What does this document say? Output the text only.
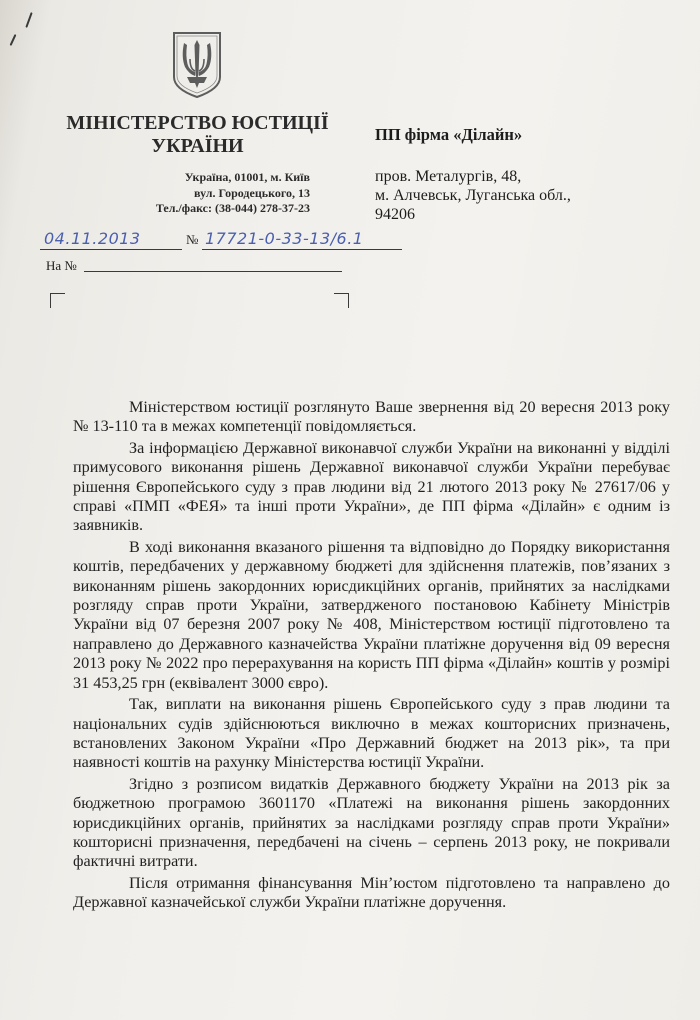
МІНІСТЕРСТВО ЮСТИЦІЇ
УКРАЇНИ
Україна, 01001, м. Київ
вул. Городецького, 13
Тел./факс: (38-044) 278-37-23
ПП фірма «Ділайн»
пров. Металургів, 48,
м. Алчевськ, Луганська обл.,
94206
04.11.2013	№ 17721-0-33-13/6.1
На №

Міністерством юстиції розглянуто Ваше звернення від 20 вересня 2013 року № 13-110 та в межах компетенції повідомляється.

За інформацією Державної виконавчої служби України на виконанні у відділі примусового виконання рішень Державної виконавчої служби України перебуває рішення Європейського суду з прав людини від 21 лютого 2013 року № 27617/06 у справі «ПМП «ФЕЯ» та інші проти України», де ПП фірма «Ділайн» є одним із заявників.

В ході виконання вказаного рішення та відповідно до Порядку використання коштів, передбачених у державному бюджеті для здійснення платежів, пов’язаних з виконанням рішень закордонних юрисдикційних органів, прийнятих за наслідками розгляду справ проти України, затвердженого постановою Кабінету Міністрів України від 07 березня 2007 року № 408, Міністерством юстиції підготовлено та направлено до Державного казначейства України платіжне доручення від 09 вересня 2013 року № 2022 про перерахування на користь ПП фірма «Ділайн» коштів у розмірі 31 453,25 грн (еквівалент 3000 євро).

Так, виплати на виконання рішень Європейського суду з прав людини та національних судів здійснюються виключно в межах кошторисних призначень, встановлених Законом України «Про Державний бюджет на 2013 рік», та при наявності коштів на рахунку Міністерства юстиції України.

Згідно з розписом видатків Державного бюджету України на 2013 рік за бюджетною програмою 3601170 «Платежі на виконання рішень закордонних юрисдикційних органів, прийнятих за наслідками розгляду справ проти України» кошторисні призначення, передбачені на січень – серпень 2013 року, не покривали фактичні витрати.

Після отримання фінансування Мін’юстом підготовлено та направлено до Державної казначейської служби України платіжне доручення.
